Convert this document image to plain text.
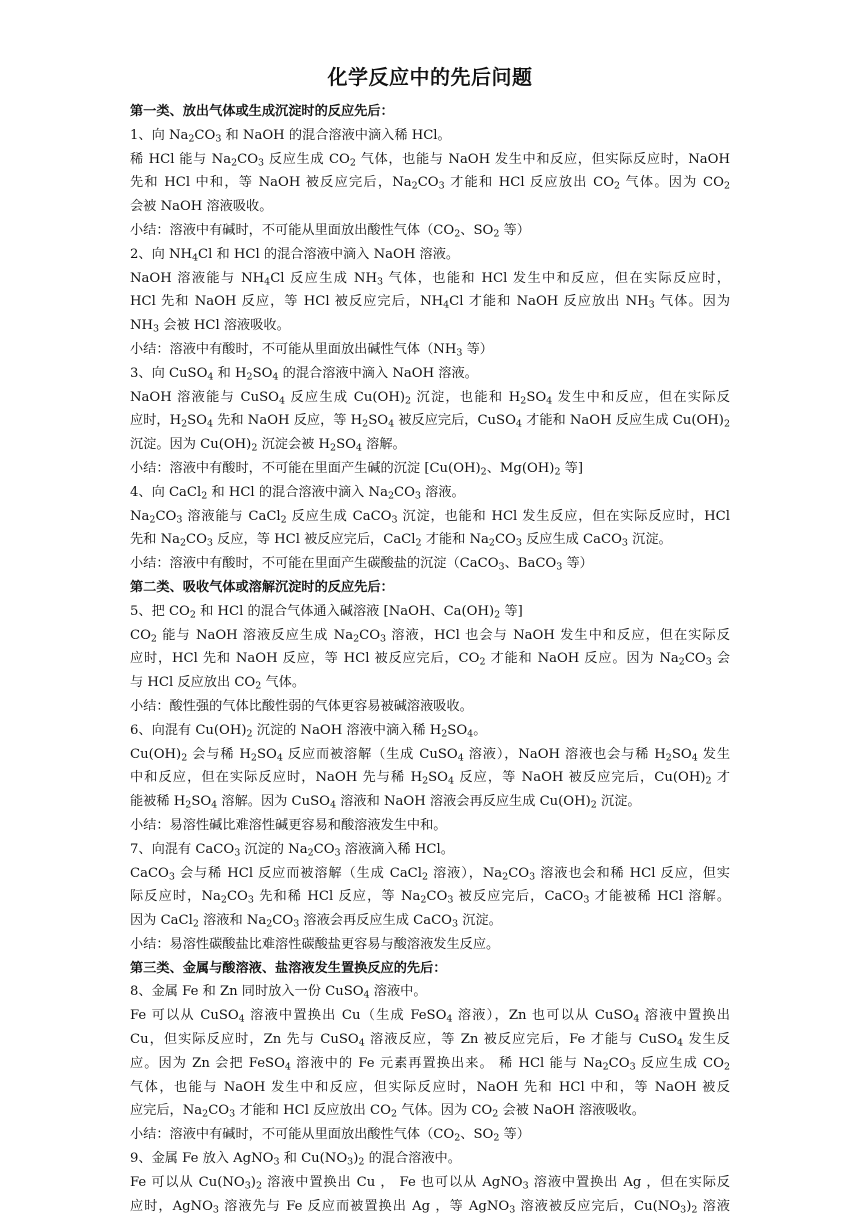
化学反应中的先后问题
第一类、放出气体或生成沉淀时的反应先后：
1、向 $Na_2CO_3$ 和 NaOH 的混合溶液中滴入稀 HCl。
稀 HCl 能与 $Na_2CO_3$ 反应生成 $CO_2$ 气体，也能与 NaOH 发生中和反应，但实际反应时，NaOH
先和 HCl 中和，等 NaOH 被反应完后，$Na_2CO_3$ 才能和 HCl 反应放出 $CO_2$ 气体。因为 $CO_2$
会被 NaOH 溶液吸收。
小结：溶液中有碱时，不可能从里面放出酸性气体（$CO_2$、$SO_2$ 等）
2、向 $NH_4Cl$ 和 HCl 的混合溶液中滴入 NaOH 溶液。
NaOH 溶液能与 $NH_4Cl$ 反应生成 $NH_3$ 气体，也能和 HCl 发生中和反应，但在实际反应时，
HCl 先和 NaOH 反应，等 HCl 被反应完后，$NH_4Cl$ 才能和 NaOH 反应放出 $NH_3$ 气体。因为
$NH_3$ 会被 HCl 溶液吸收。
小结：溶液中有酸时，不可能从里面放出碱性气体（$NH_3$ 等）
3、向 CuSO$_4$ 和 $H_2SO_4$ 的混合溶液中滴入 NaOH 溶液。
NaOH 溶液能与 CuSO$_4$ 反应生成 $Cu(OH)_2$ 沉淀，也能和 $H_2SO_4$ 发生中和反应，但在实际反
应时，$H_2SO_4$ 先和 NaOH 反应，等 $H_2SO_4$ 被反应完后，CuSO$_4$ 才能和 NaOH 反应生成 $Cu(OH)_2$
沉淀。因为 $Cu(OH)_2$ 沉淀会被 $H_2SO_4$ 溶解。
小结：溶液中有酸时，不可能在里面产生碱的沉淀 [$Cu(OH)_2$、$Mg(OH)_2$ 等]
4、向 CaCl$_2$ 和 HCl 的混合溶液中滴入 $Na_2CO_3$ 溶液。
$Na_2CO_3$ 溶液能与 CaCl$_2$ 反应生成 CaCO$_3$ 沉淀，也能和 HCl 发生反应，但在实际反应时，HCl
先和 $Na_2CO_3$ 反应，等 HCl 被反应完后，CaCl$_2$ 才能和 $Na_2CO_3$ 反应生成 CaCO$_3$ 沉淀。
小结：溶液中有酸时，不可能在里面产生碳酸盐的沉淀（CaCO$_3$、BaCO$_3$ 等）
第二类、吸收气体或溶解沉淀时的反应先后：
5、把 $CO_2$ 和 HCl 的混合气体通入碱溶液 [NaOH、$Ca(OH)_2$ 等]
$CO_2$ 能与 NaOH 溶液反应生成 $Na_2CO_3$ 溶液，HCl 也会与 NaOH 发生中和反应，但在实际反
应时，HCl 先和 NaOH 反应，等 HCl 被反应完后，$CO_2$ 才能和 NaOH 反应。因为 $Na_2CO_3$ 会
与 HCl 反应放出 $CO_2$ 气体。
小结：酸性强的气体比酸性弱的气体更容易被碱溶液吸收。
6、向混有 $Cu(OH)_2$ 沉淀的 NaOH 溶液中滴入稀 $H_2SO_4$。
$Cu(OH)_2$ 会与稀 $H_2SO_4$ 反应而被溶解（生成 CuSO$_4$ 溶液），NaOH 溶液也会与稀 $H_2SO_4$ 发生
中和反应，但在实际反应时，NaOH 先与稀 $H_2SO_4$ 反应，等 NaOH 被反应完后，$Cu(OH)_2$ 才
能被稀 $H_2SO_4$ 溶解。因为 CuSO$_4$ 溶液和 NaOH 溶液会再反应生成 $Cu(OH)_2$ 沉淀。
小结：易溶性碱比难溶性碱更容易和酸溶液发生中和。
7、向混有 CaCO$_3$ 沉淀的 $Na_2CO_3$ 溶液滴入稀 HCl。
CaCO$_3$ 会与稀 HCl 反应而被溶解（生成 CaCl$_2$ 溶液），$Na_2CO_3$ 溶液也会和稀 HCl 反应，但实
际反应时，$Na_2CO_3$ 先和稀 HCl 反应，等 $Na_2CO_3$ 被反应完后，CaCO$_3$ 才能被稀 HCl 溶解。
因为 CaCl$_2$ 溶液和 $Na_2CO_3$ 溶液会再反应生成 CaCO$_3$ 沉淀。
小结：易溶性碳酸盐比难溶性碳酸盐更容易与酸溶液发生反应。
第三类、金属与酸溶液、盐溶液发生置换反应的先后：
8、金属 Fe 和 Zn 同时放入一份 CuSO$_4$ 溶液中。
Fe 可以从 CuSO$_4$ 溶液中置换出 Cu（生成 FeSO$_4$ 溶液），Zn 也可以从 CuSO$_4$ 溶液中置换出
Cu，但实际反应时，Zn 先与 CuSO$_4$ 溶液反应，等 Zn 被反应完后，Fe 才能与 CuSO$_4$ 发生反
应。因为 Zn 会把 FeSO$_4$ 溶液中的 Fe 元素再置换出来。 稀 HCl 能与 $Na_2CO_3$ 反应生成 $CO_2$
气体，也能与 NaOH 发生中和反应，但实际反应时，NaOH 先和 HCl 中和，等 NaOH 被反
应完后，$Na_2CO_3$ 才能和 HCl 反应放出 $CO_2$ 气体。因为 $CO_2$ 会被 NaOH 溶液吸收。
小结：溶液中有碱时，不可能从里面放出酸性气体（$CO_2$、$SO_2$ 等）
9、金属 Fe 放入 AgNO$_3$ 和 $Cu(NO_3)_2$ 的混合溶液中。
Fe 可以从 $Cu(NO_3)_2$ 溶液中置换出 Cu ， Fe 也可以从 AgNO$_3$ 溶液中置换出 Ag ，但在实际反
应时，AgNO$_3$ 溶液先与 Fe 反应而被置换出 Ag ，等 AgNO$_3$ 溶液被反应完后，$Cu(NO_3)_2$ 溶液
